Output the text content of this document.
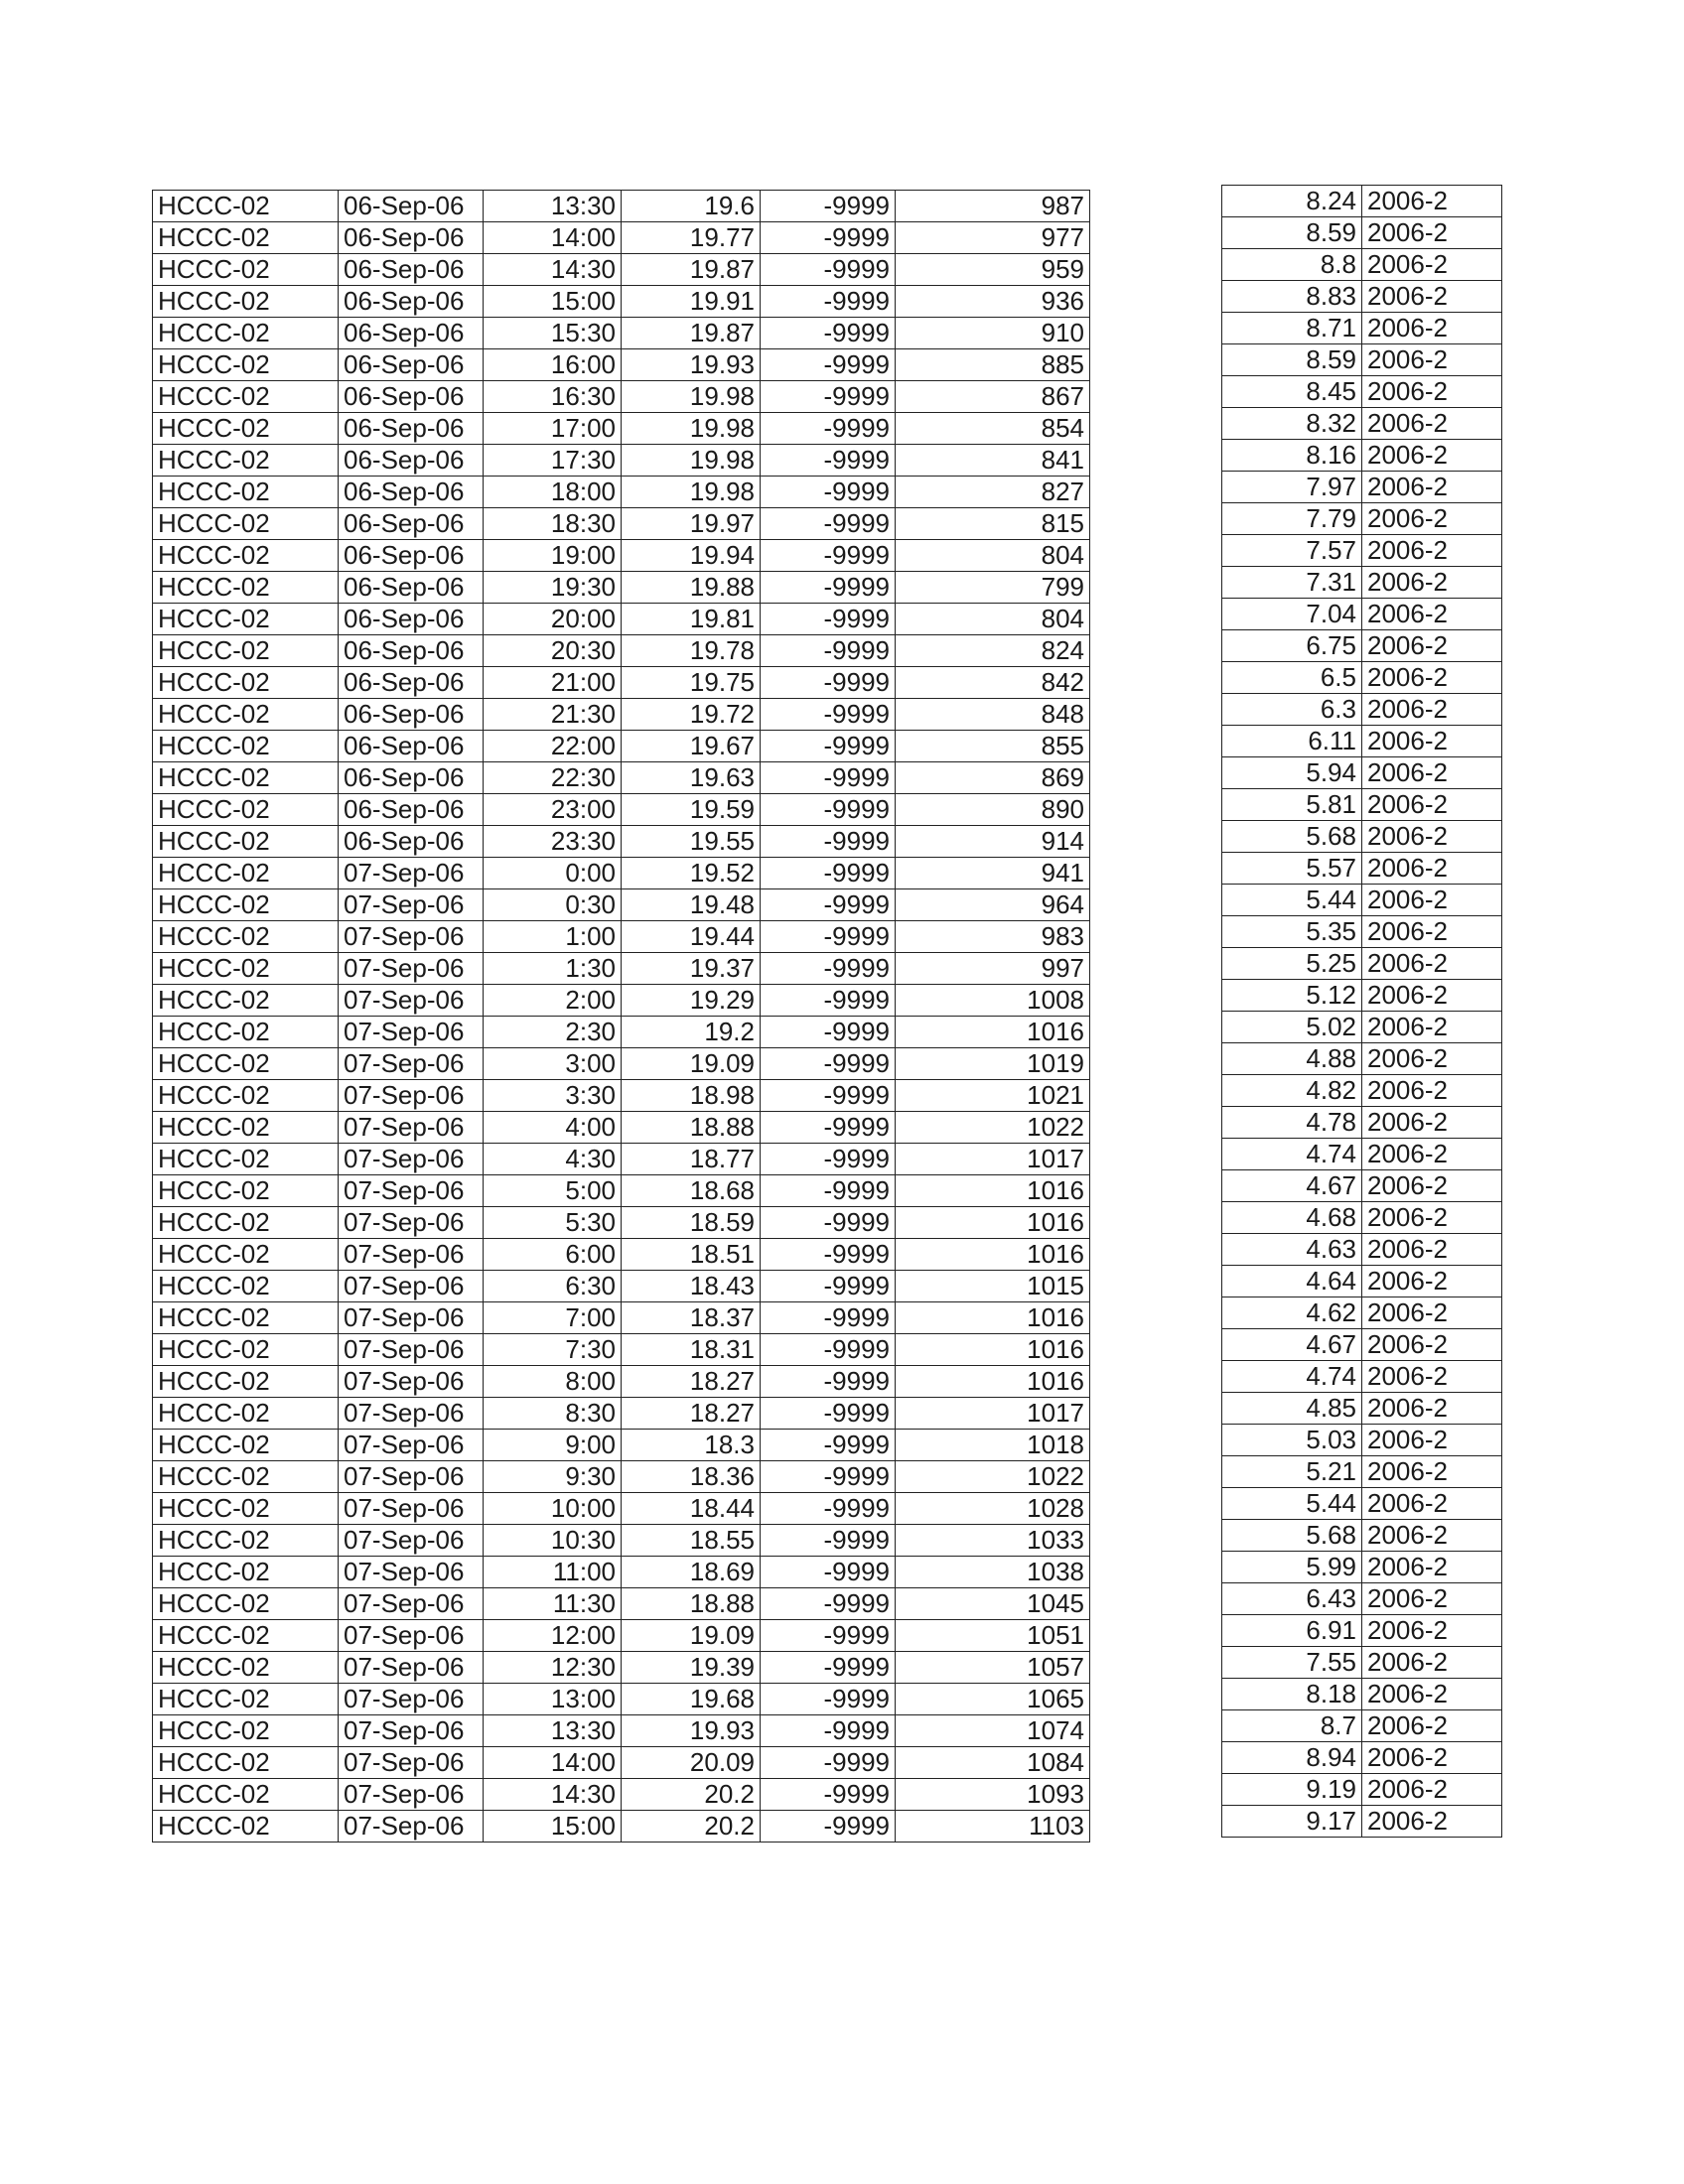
HCCC-02	06-Sep-06	13:30	19.6	-9999	987
HCCC-02	06-Sep-06	14:00	19.77	-9999	977
HCCC-02	06-Sep-06	14:30	19.87	-9999	959
HCCC-02	06-Sep-06	15:00	19.91	-9999	936
HCCC-02	06-Sep-06	15:30	19.87	-9999	910
HCCC-02	06-Sep-06	16:00	19.93	-9999	885
HCCC-02	06-Sep-06	16:30	19.98	-9999	867
HCCC-02	06-Sep-06	17:00	19.98	-9999	854
HCCC-02	06-Sep-06	17:30	19.98	-9999	841
HCCC-02	06-Sep-06	18:00	19.98	-9999	827
HCCC-02	06-Sep-06	18:30	19.97	-9999	815
HCCC-02	06-Sep-06	19:00	19.94	-9999	804
HCCC-02	06-Sep-06	19:30	19.88	-9999	799
HCCC-02	06-Sep-06	20:00	19.81	-9999	804
HCCC-02	06-Sep-06	20:30	19.78	-9999	824
HCCC-02	06-Sep-06	21:00	19.75	-9999	842
HCCC-02	06-Sep-06	21:30	19.72	-9999	848
HCCC-02	06-Sep-06	22:00	19.67	-9999	855
HCCC-02	06-Sep-06	22:30	19.63	-9999	869
HCCC-02	06-Sep-06	23:00	19.59	-9999	890
HCCC-02	06-Sep-06	23:30	19.55	-9999	914
HCCC-02	07-Sep-06	0:00	19.52	-9999	941
HCCC-02	07-Sep-06	0:30	19.48	-9999	964
HCCC-02	07-Sep-06	1:00	19.44	-9999	983
HCCC-02	07-Sep-06	1:30	19.37	-9999	997
HCCC-02	07-Sep-06	2:00	19.29	-9999	1008
HCCC-02	07-Sep-06	2:30	19.2	-9999	1016
HCCC-02	07-Sep-06	3:00	19.09	-9999	1019
HCCC-02	07-Sep-06	3:30	18.98	-9999	1021
HCCC-02	07-Sep-06	4:00	18.88	-9999	1022
HCCC-02	07-Sep-06	4:30	18.77	-9999	1017
HCCC-02	07-Sep-06	5:00	18.68	-9999	1016
HCCC-02	07-Sep-06	5:30	18.59	-9999	1016
HCCC-02	07-Sep-06	6:00	18.51	-9999	1016
HCCC-02	07-Sep-06	6:30	18.43	-9999	1015
HCCC-02	07-Sep-06	7:00	18.37	-9999	1016
HCCC-02	07-Sep-06	7:30	18.31	-9999	1016
HCCC-02	07-Sep-06	8:00	18.27	-9999	1016
HCCC-02	07-Sep-06	8:30	18.27	-9999	1017
HCCC-02	07-Sep-06	9:00	18.3	-9999	1018
HCCC-02	07-Sep-06	9:30	18.36	-9999	1022
HCCC-02	07-Sep-06	10:00	18.44	-9999	1028
HCCC-02	07-Sep-06	10:30	18.55	-9999	1033
HCCC-02	07-Sep-06	11:00	18.69	-9999	1038
HCCC-02	07-Sep-06	11:30	18.88	-9999	1045
HCCC-02	07-Sep-06	12:00	19.09	-9999	1051
HCCC-02	07-Sep-06	12:30	19.39	-9999	1057
HCCC-02	07-Sep-06	13:00	19.68	-9999	1065
HCCC-02	07-Sep-06	13:30	19.93	-9999	1074
HCCC-02	07-Sep-06	14:00	20.09	-9999	1084
HCCC-02	07-Sep-06	14:30	20.2	-9999	1093
HCCC-02	07-Sep-06	15:00	20.2	-9999	1103
8.24	2006-2
8.59	2006-2
8.8	2006-2
8.83	2006-2
8.71	2006-2
8.59	2006-2
8.45	2006-2
8.32	2006-2
8.16	2006-2
7.97	2006-2
7.79	2006-2
7.57	2006-2
7.31	2006-2
7.04	2006-2
6.75	2006-2
6.5	2006-2
6.3	2006-2
6.11	2006-2
5.94	2006-2
5.81	2006-2
5.68	2006-2
5.57	2006-2
5.44	2006-2
5.35	2006-2
5.25	2006-2
5.12	2006-2
5.02	2006-2
4.88	2006-2
4.82	2006-2
4.78	2006-2
4.74	2006-2
4.67	2006-2
4.68	2006-2
4.63	2006-2
4.64	2006-2
4.62	2006-2
4.67	2006-2
4.74	2006-2
4.85	2006-2
5.03	2006-2
5.21	2006-2
5.44	2006-2
5.68	2006-2
5.99	2006-2
6.43	2006-2
6.91	2006-2
7.55	2006-2
8.18	2006-2
8.7	2006-2
8.94	2006-2
9.19	2006-2
9.17	2006-2
